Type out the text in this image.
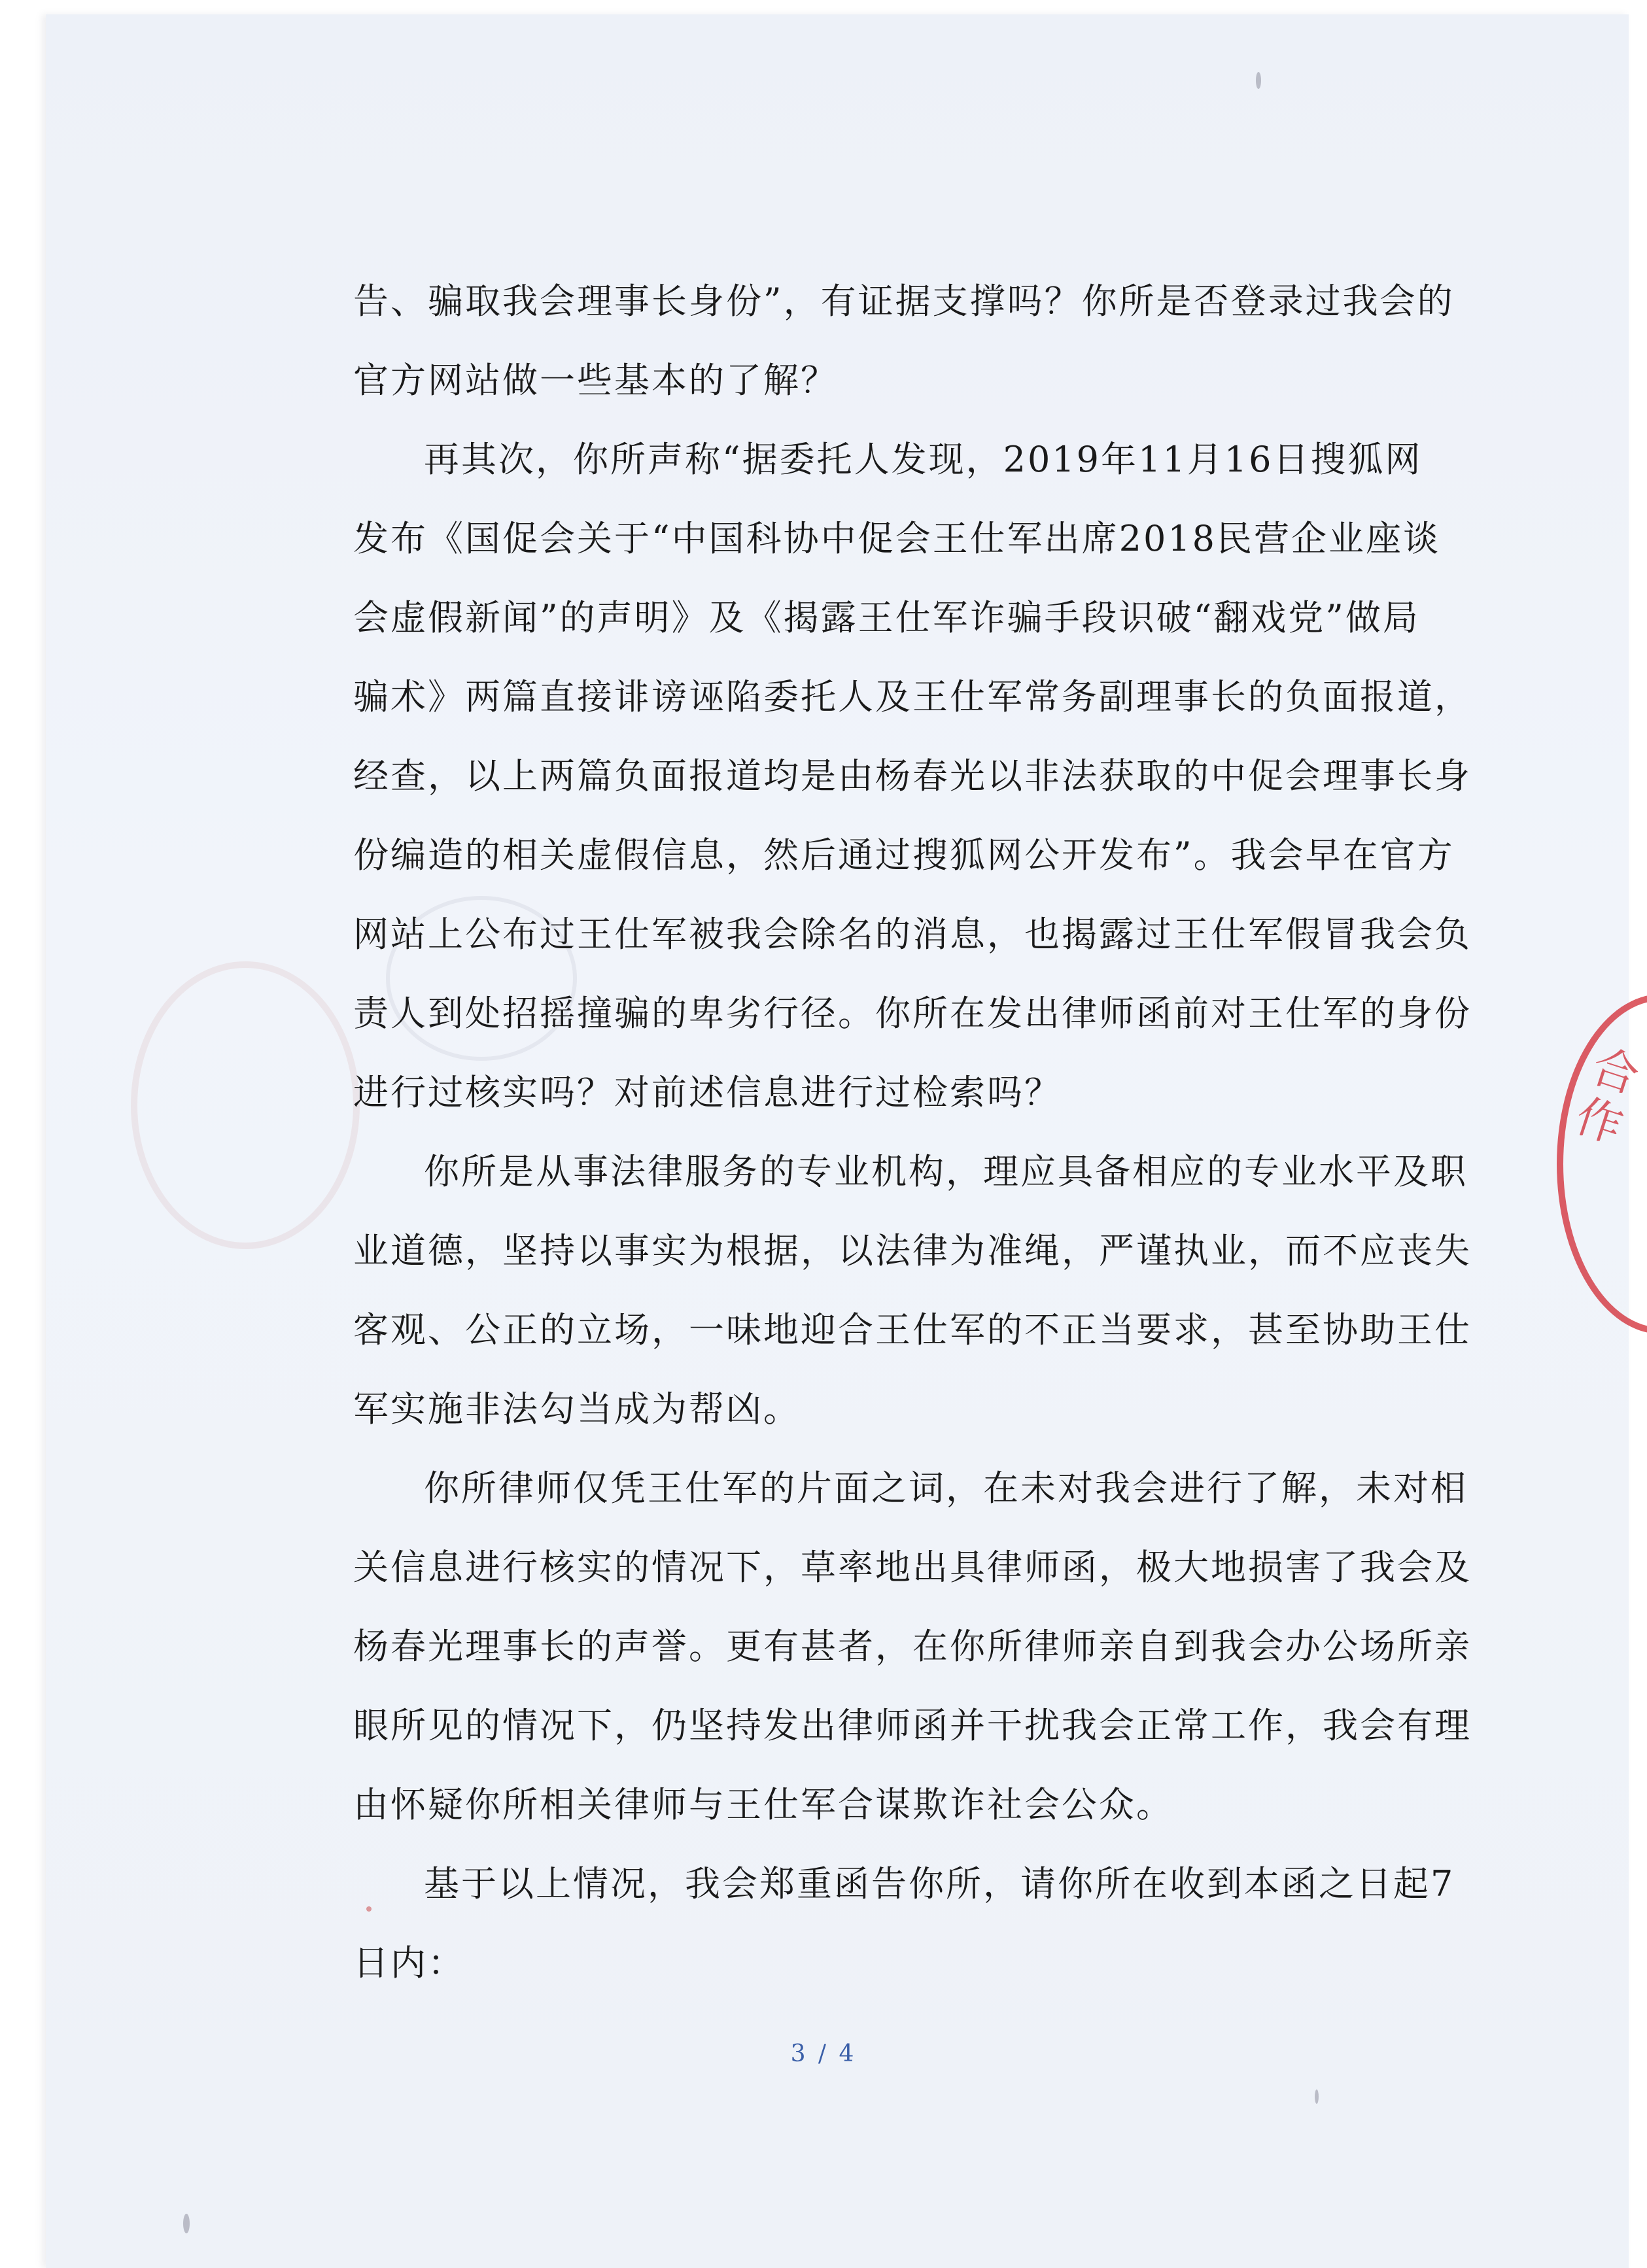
合
作
告、骗取我会理事长身份”，有证据支撑吗？你所是否登录过我会的
官方网站做一些基本的了解？
再其次，你所声称“据委托人发现，2019年11月16日搜狐网
发布《国促会关于“中国科协中促会王仕军出席2018民营企业座谈
会虚假新闻”的声明》及《揭露王仕军诈骗手段识破“翻戏党”做局
骗术》两篇直接诽谤诬陷委托人及王仕军常务副理事长的负面报道，
经查，以上两篇负面报道均是由杨春光以非法获取的中促会理事长身
份编造的相关虚假信息，然后通过搜狐网公开发布”。我会早在官方
网站上公布过王仕军被我会除名的消息，也揭露过王仕军假冒我会负
责人到处招摇撞骗的卑劣行径。你所在发出律师函前对王仕军的身份
进行过核实吗？对前述信息进行过检索吗？
你所是从事法律服务的专业机构，理应具备相应的专业水平及职
业道德，坚持以事实为根据，以法律为准绳，严谨执业，而不应丧失
客观、公正的立场，一味地迎合王仕军的不正当要求，甚至协助王仕
军实施非法勾当成为帮凶。
你所律师仅凭王仕军的片面之词，在未对我会进行了解，未对相
关信息进行核实的情况下，草率地出具律师函，极大地损害了我会及
杨春光理事长的声誉。更有甚者，在你所律师亲自到我会办公场所亲
眼所见的情况下，仍坚持发出律师函并干扰我会正常工作，我会有理
由怀疑你所相关律师与王仕军合谋欺诈社会公众。
基于以上情况，我会郑重函告你所，请你所在收到本函之日起7
日内：
3 / 4
